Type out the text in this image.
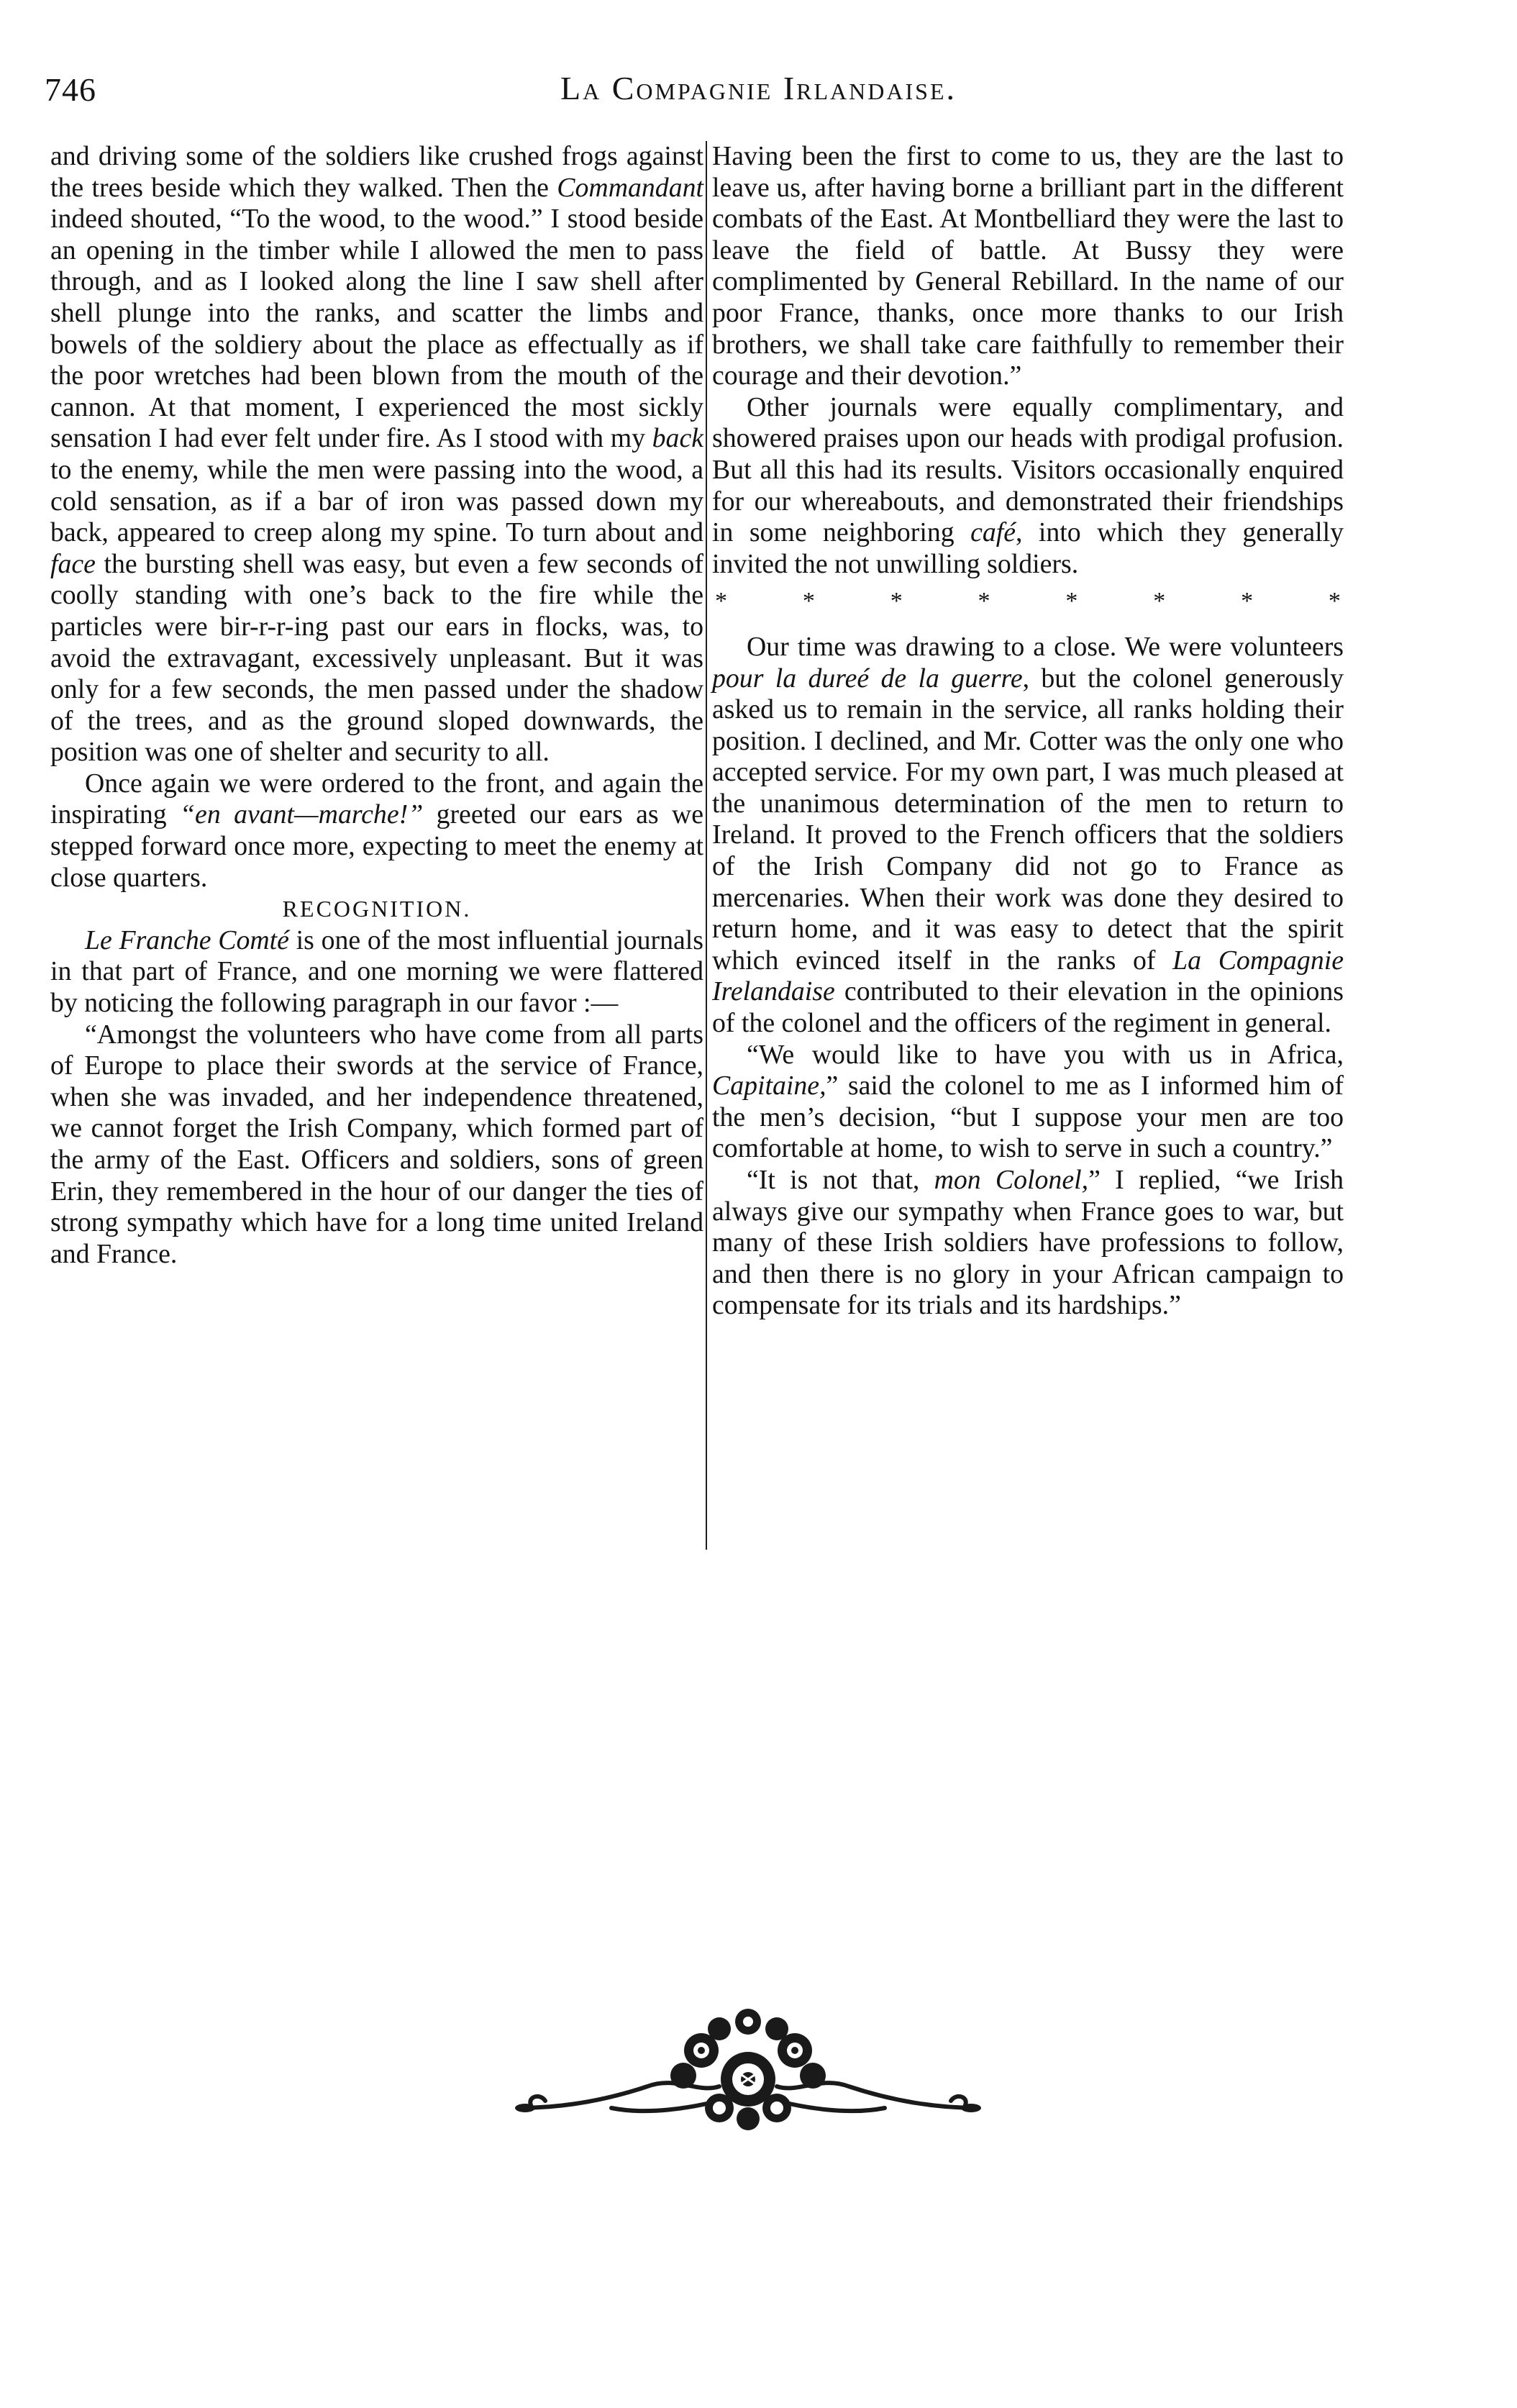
746	La Compagnie Irlandaise.

and driving some of the soldiers like crushed frogs against the trees beside which they walked. Then the Commandant indeed shouted, “To the wood, to the wood.” I stood beside an opening in the timber while I allowed the men to pass through, and as I looked along the line I saw shell after shell plunge into the ranks, and scatter the limbs and bowels of the soldiery about the place as effectually as if the poor wretches had been blown from the mouth of the cannon. At that moment, I experienced the most sickly sensation I had ever felt under fire. As I stood with my back to the enemy, while the men were passing into the wood, a cold sensation, as if a bar of iron was passed down my back, appeared to creep along my spine. To turn about and face the bursting shell was easy, but even a few seconds of coolly standing with one’s back to the fire while the particles were bir-r-r-ing past our ears in flocks, was, to avoid the extravagant, excessively unpleasant. But it was only for a few seconds, the men passed under the shadow of the trees, and as the ground sloped downwards, the position was one of shelter and security to all.

Once again we were ordered to the front, and again the inspirating “en avant—marche!” greeted our ears as we stepped forward once more, expecting to meet the enemy at close quarters.

RECOGNITION.

Le Franche Comté is one of the most influential journals in that part of France, and one morning we were flattered by noticing the following paragraph in our favor :—

“Amongst the volunteers who have come from all parts of Europe to place their swords at the service of France, when she was invaded, and her independence threatened, we cannot forget the Irish Company, which formed part of the army of the East. Officers and soldiers, sons of green Erin, they remembered in the hour of our danger the ties of strong sympathy which have for a long time united Ireland and France.

Having been the first to come to us, they are the last to leave us, after having borne a brilliant part in the different combats of the East. At Montbelliard they were the last to leave the field of battle. At Bussy they were complimented by General Rebillard. In the name of our poor France, thanks, once more thanks to our Irish brothers, we shall take care faithfully to remember their courage and their devotion.”

Other journals were equally complimentary, and showered praises upon our heads with prodigal profusion. But all this had its results. Visitors occasionally enquired for our whereabouts, and demonstrated their friendships in some neighboring café, into which they generally invited the not unwilling soldiers.

*	*	*	*	*	*	*	*

Our time was drawing to a close. We were volunteers pour la dureé de la guerre, but the colonel generously asked us to remain in the service, all ranks holding their position. I declined, and Mr. Cotter was the only one who accepted service. For my own part, I was much pleased at the unanimous determination of the men to return to Ireland. It proved to the French officers that the soldiers of the Irish Company did not go to France as mercenaries. When their work was done they desired to return home, and it was easy to detect that the spirit which evinced itself in the ranks of La Compagnie Irelandaise contributed to their elevation in the opinions of the colonel and the officers of the regiment in general.

“We would like to have you with us in Africa, Capitaine,” said the colonel to me as I informed him of the men’s decision, “but I suppose your men are too comfortable at home, to wish to serve in such a country.”

“It is not that, mon Colonel,” I replied, “we Irish always give our sympathy when France goes to war, but many of these Irish soldiers have professions to follow, and then there is no glory in your African campaign to compensate for its trials and its hardships.”
